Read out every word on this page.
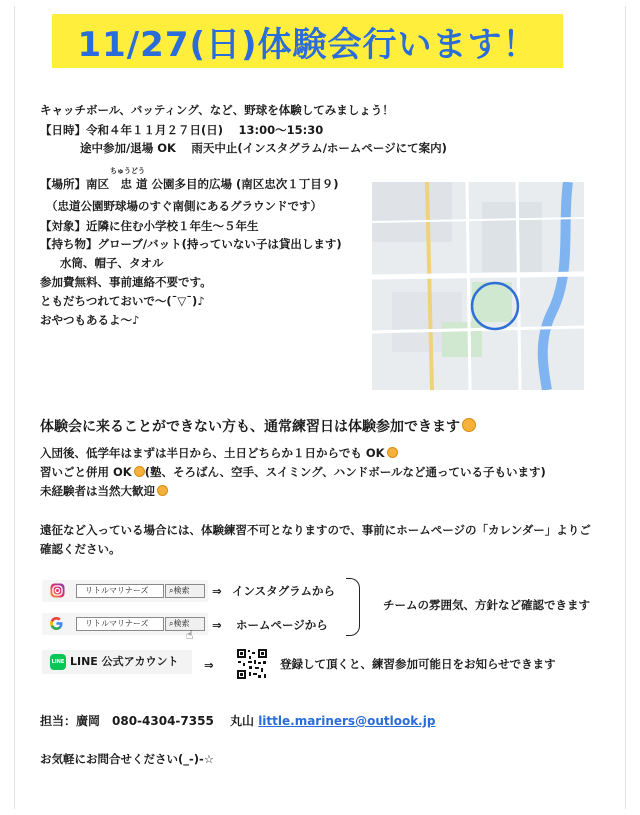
11/27(日)体験会行います！
キャッチボール、バッティング、など、野球を体験してみましょう！
【日時】令和４年１１月２７日(日)　 13:00～15:30
途中参加/退場 OK　 雨天中止(インスタグラム/ホームページにて案内)
ちゅうどう
【場所】南区　忠 道 公園多目的広場 (南区忠次１丁目９)
（忠道公園野球場のすぐ南側にあるグラウンドです）
【対象】近隣に住む小学校１年生～５年生
【持ち物】グローブ/バット(持っていない子は貸出します)
水筒、帽子、タオル
参加費無料、事前連絡不要です。
ともだちつれておいで～(¯▽¯)♪
おやつもあるよ～♪
体験会に来ることができない方も、通常練習日は体験参加できます
入団後、低学年はまずは半日から、土日どちらか１日からでも OK
習いごと併用 OK (塾、そろばん、空手、スイミング、ハンドボールなど通っている子もいます)
未経験者は当然大歓迎
遠征など入っている場合には、体験練習不可となりますので、事前にホームページの「カレンダー」よりご
確認ください。
リトルマリナーズ	⌕検索	⇒ インスタグラムから
リトルマリナーズ	⌕検索
☝
⇒ ホームページから
チームの雰囲気、方針など確認できます
LINE LINE 公式アカウント ⇒	登録して頂くと、練習参加可能日をお知らせできます
担当：廣岡　080-4304-7355　 丸山 little.mariners@outlook.jp
お気軽にお問合せください(_-)-☆
